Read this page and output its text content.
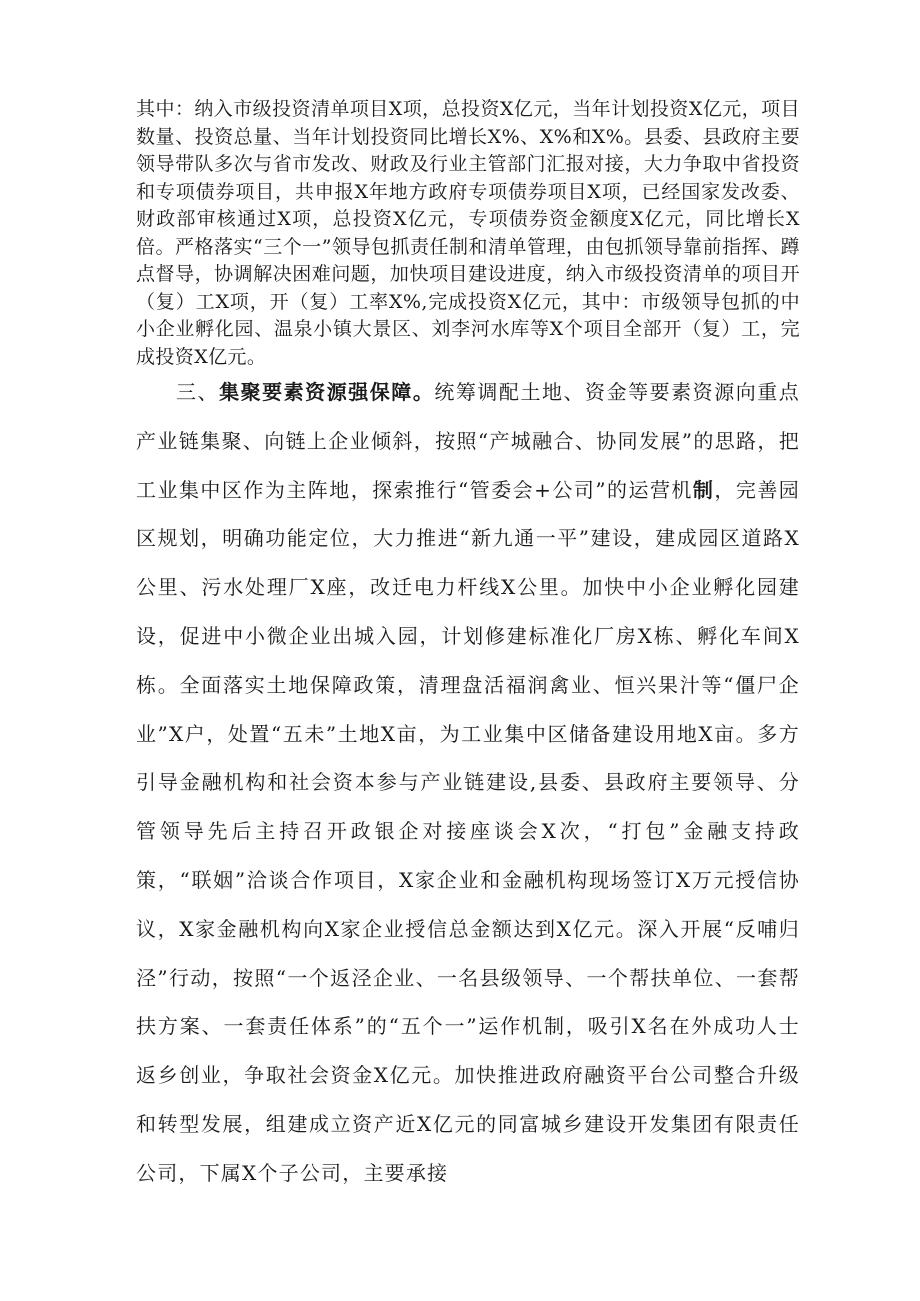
其中：纳入市级投资清单项目X项，总投资X亿元，当年计划投资X亿元，项目数量、投资总量、当年计划投资同比增长X%、X%和X%。县委、县政府主要领导带队多次与省市发改、财政及行业主管部门汇报对接，大力争取中省投资和专项债券项目，共申报X年地方政府专项债券项目X项，已经国家发改委、财政部审核通过X项，总投资X亿元，专项债券资金额度X亿元，同比增长X倍。严格落实“三个一”领导包抓责任制和清单管理，由包抓领导靠前指挥、蹲点督导，协调解决困难问题，加快项目建设进度，纳入市级投资清单的项目开（复）工X项，开（复）工率X%,完成投资X亿元，其中：市级领导包抓的中小企业孵化园、温泉小镇大景区、刘李河水库等X个项目全部开（复）工，完成投资X亿元。

三、集聚要素资源强保障。统筹调配土地、资金等要素资源向重点产业链集聚、向链上企业倾斜，按照“产城融合、协同发展”的思路，把工业集中区作为主阵地，探索推行“管委会+公司”的运营机制，完善园区规划，明确功能定位，大力推进“新九通一平”建设，建成园区道路X公里、污水处理厂X座，改迁电力杆线X公里。加快中小企业孵化园建设，促进中小微企业出城入园，计划修建标准化厂房X栋、孵化车间X栋。全面落实土地保障政策，清理盘活福润禽业、恒兴果汁等“僵尸企业”X户，处置“五未”土地X亩，为工业集中区储备建设用地X亩。多方引导金融机构和社会资本参与产业链建设,县委、县政府主要领导、分管领导先后主持召开政银企对接座谈会X次，“打包”金融支持政策，“联姻”洽谈合作项目，X家企业和金融机构现场签订X万元授信协议，X家金融机构向X家企业授信总金额达到X亿元。深入开展“反哺归泾”行动，按照“一个返泾企业、一名县级领导、一个帮扶单位、一套帮扶方案、一套责任体系”的“五个一”运作机制，吸引X名在外成功人士返乡创业，争取社会资金X亿元。加快推进政府融资平台公司整合升级和转型发展，组建成立资产近X亿元的同富城乡建设开发集团有限责任公司，下属X个子公司，主要承接
